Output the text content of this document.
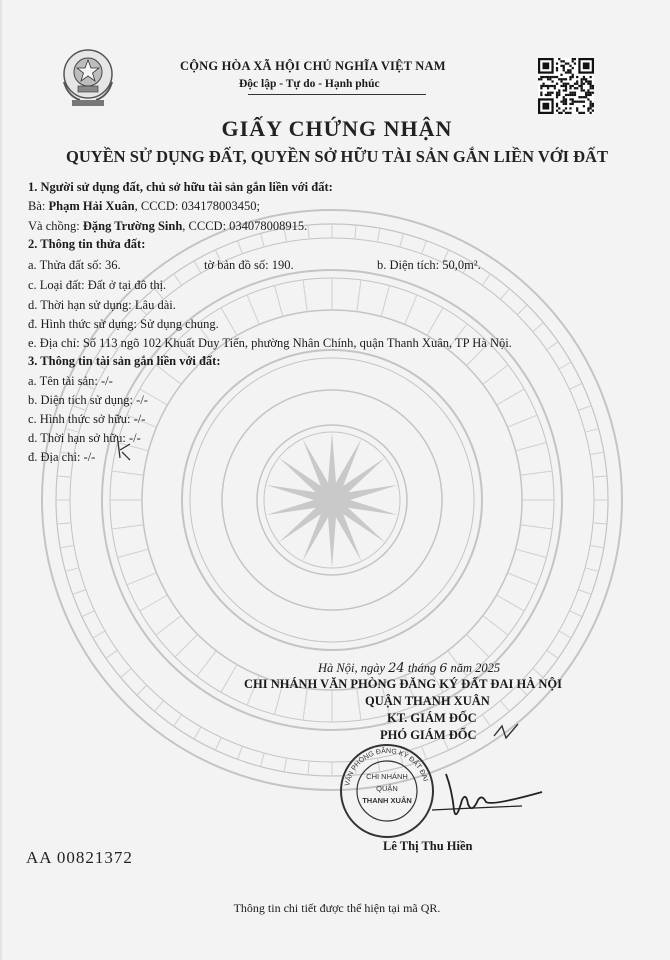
CỘNG HÒA XÃ HỘI CHỦ NGHĨA VIỆT NAM
Độc lập - Tự do - Hạnh phúc
GIẤY CHỨNG NHẬN
QUYỀN SỬ DỤNG ĐẤT, QUYỀN SỞ HỮU TÀI SẢN GẮN LIỀN VỚI ĐẤT
1. Người sử dụng đất, chủ sở hữu tài sản gắn liền với đất:
Bà: Phạm Hải Xuân, CCCD: 034178003450;
Và chồng: Đặng Trường Sinh, CCCD: 034078008915.
2. Thông tin thửa đất:
a. Thửa đất số: 36.	tờ bản đồ số: 190.	b. Diện tích: 50,0m².
c. Loại đất: Đất ở tại đô thị.
d. Thời hạn sử dụng: Lâu dài.
đ. Hình thức sử dụng: Sử dụng chung.
e. Địa chỉ: Số 113 ngõ 102 Khuất Duy Tiến, phường Nhân Chính, quận Thanh Xuân, TP Hà Nội.
3. Thông tin tài sản gắn liền với đất:
a. Tên tài sản: -/-
b. Diện tích sử dụng: -/-
c. Hình thức sở hữu: -/-
d. Thời hạn sở hữu: -/-
đ. Địa chỉ: -/-
Hà Nội, ngày 24 tháng 6 năm 2025
CHI NHÁNH VĂN PHÒNG ĐĂNG KÝ ĐẤT ĐAI HÀ NỘI
QUẬN THANH XUÂN
KT. GIÁM ĐỐC
PHÓ GIÁM ĐỐC
VĂN PHÒNG ĐĂNG KÝ ĐẤT ĐAI
CHI NHÁNH
QUẬN
THANH XUÂN
Lê Thị Thu Hiền
AA 00821372
Thông tin chi tiết được thể hiện tại mã QR.
